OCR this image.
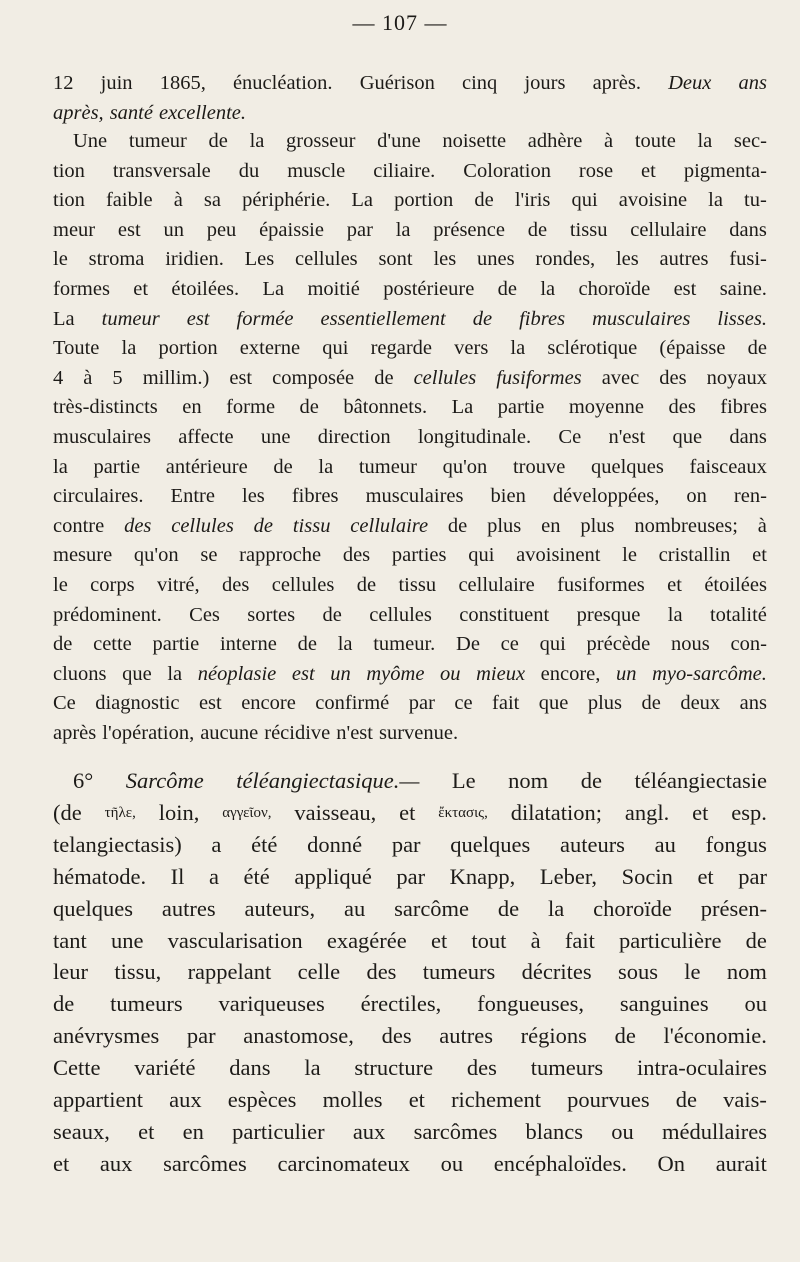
— 107 —
12 juin 1865, énucléation. Guérison cinq jours après. Deux ans
après, santé excellente.
Une tumeur de la grosseur d'une noisette adhère à toute la sec-
tion transversale du muscle ciliaire. Coloration rose et pigmenta-
tion faible à sa périphérie. La portion de l'iris qui avoisine la tu-
meur est un peu épaissie par la présence de tissu cellulaire dans
le stroma iridien. Les cellules sont les unes rondes, les autres fusi-
formes et étoilées. La moitié postérieure de la choroïde est saine.
La tumeur est formée essentiellement de fibres musculaires lisses.
Toute la portion externe qui regarde vers la sclérotique (épaisse de
4 à 5 millim.) est composée de cellules fusiformes avec des noyaux
très-distincts en forme de bâtonnets. La partie moyenne des fibres
musculaires affecte une direction longitudinale. Ce n'est que dans
la partie antérieure de la tumeur qu'on trouve quelques faisceaux
circulaires. Entre les fibres musculaires bien développées, on ren-
contre des cellules de tissu cellulaire de plus en plus nombreuses; à
mesure qu'on se rapproche des parties qui avoisinent le cristallin et
le corps vitré, des cellules de tissu cellulaire fusiformes et étoilées
prédominent. Ces sortes de cellules constituent presque la totalité
de cette partie interne de la tumeur. De ce qui précède nous con-
cluons que la néoplasie est un myôme ou mieux encore, un myo-sarcôme.
Ce diagnostic est encore confirmé par ce fait que plus de deux ans
après l'opération, aucune récidive n'est survenue.
6° Sarcôme téléangiectasique.— Le nom de téléangiectasie
(de τῆλε, loin, αγγεῖον, vaisseau, et ἔκτασις, dilatation; angl. et esp.
telangiectasis) a été donné par quelques auteurs au fongus
hématode. Il a été appliqué par Knapp, Leber, Socin et par
quelques autres auteurs, au sarcôme de la choroïde présen-
tant une vascularisation exagérée et tout à fait particulière de
leur tissu, rappelant celle des tumeurs décrites sous le nom
de tumeurs variqueuses érectiles, fongueuses, sanguines ou
anévrysmes par anastomose, des autres régions de l'économie.
Cette variété dans la structure des tumeurs intra-oculaires
appartient aux espèces molles et richement pourvues de vais-
seaux, et en particulier aux sarcômes blancs ou médullaires
et aux sarcômes carcinomateux ou encéphaloïdes. On aurait
